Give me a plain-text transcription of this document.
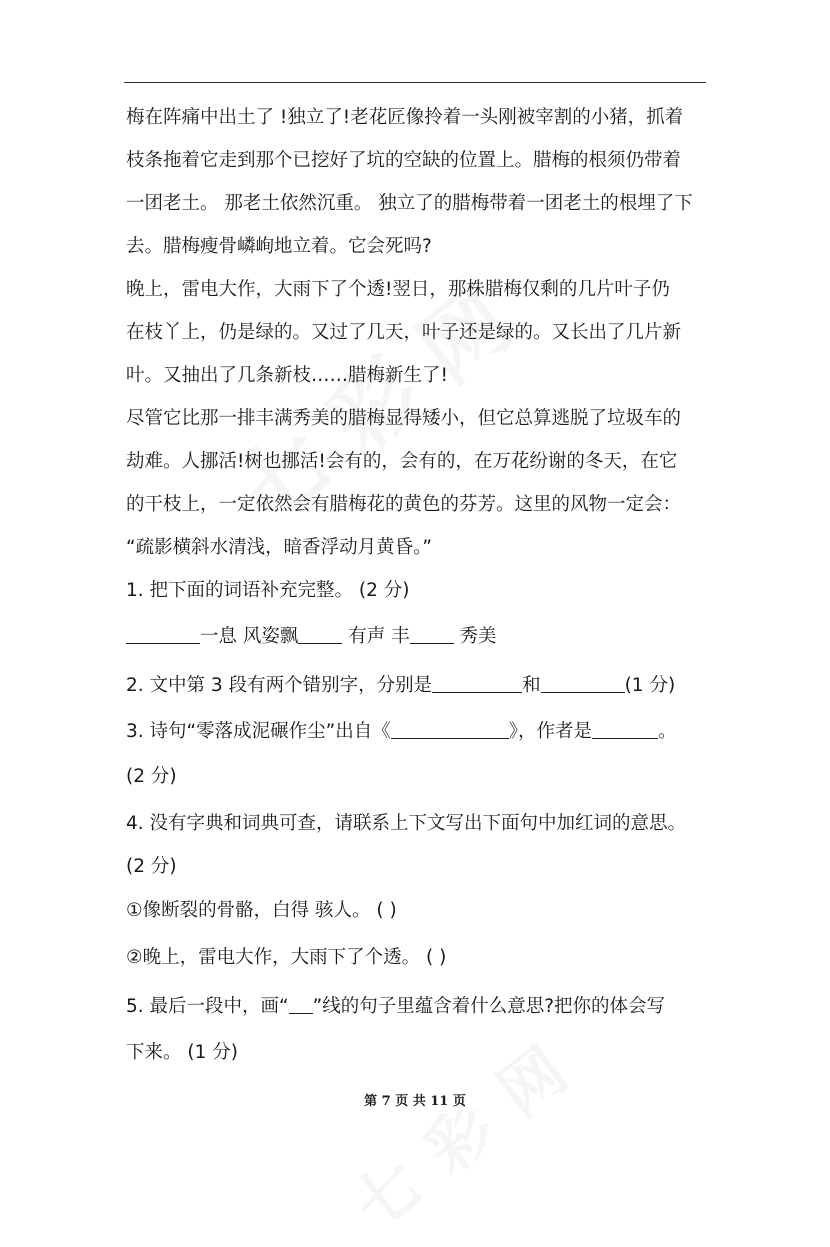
梅在阵痛中出土了 !独立了!老花匠像拎着一头刚被宰割的小猪，抓着
枝条拖着它走到那个已挖好了坑的空缺的位置上。腊梅的根须仍带着
一团老土。 那老土依然沉重。 独立了的腊梅带着一团老土的根埋了下
去。腊梅瘦骨嶙峋地立着。它会死吗?
晚上，雷电大作，大雨下了个透!翌日，那株腊梅仅剩的几片叶子仍
在枝丫上，仍是绿的。又过了几天，叶子还是绿的。又长出了几片新
叶。又抽出了几条新枝……腊梅新生了!
尽管它比那一排丰满秀美的腊梅显得矮小，但它总算逃脱了垃圾车的
劫难。人挪活!树也挪活!会有的，会有的，在万花纷谢的冬天，在它
的干枝上，一定依然会有腊梅花的黄色的芬芳。这里的风物一定会：
“疏影横斜水清浅，暗香浮动月黄昏。”
1. 把下面的词语补充完整。 (2 分)
一息 风姿飘 有声 丰 秀美
2. 文中第 3 段有两个错别字，分别是	和	(1 分)
3. 诗句“零落成泥碾作尘”出自《	》，作者是	。
(2 分)
4. 没有字典和词典可查，请联系上下文写出下面句中加红词的意思。
(2 分)
①像断裂的骨骼，白得 骇人。 ( )
②晚上，雷电大作，大雨下了个透。 ( )
5. 最后一段中，画“ ”线的句子里蕴含着什么意思?把你的体会写
下来。 (1 分)
第 7 页 共 11 页
